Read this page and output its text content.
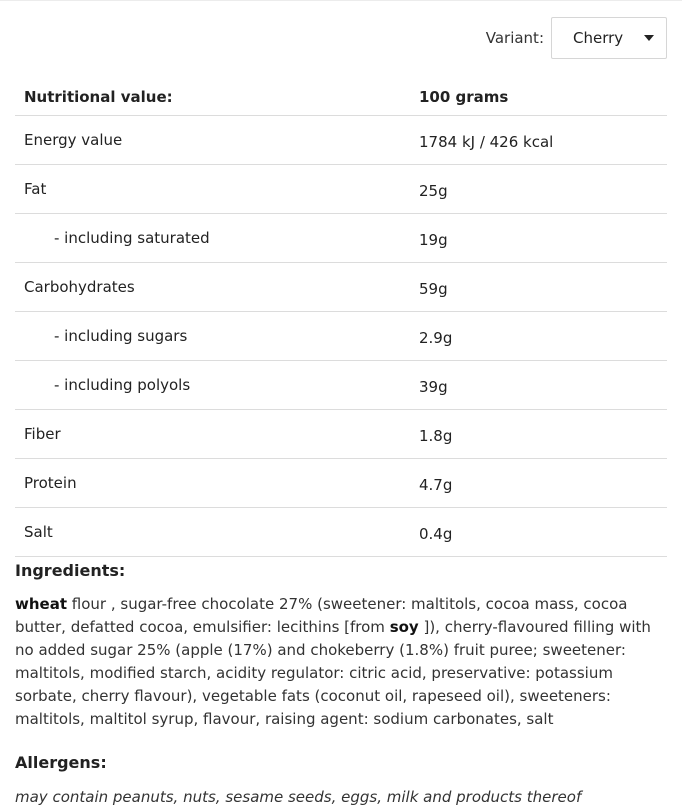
Variant: Cherry
Nutritional value:	100 grams
Energy value	1784 kJ / 426 kcal
Fat	25g
- including saturated	19g
Carbohydrates	59g
- including sugars	2.9g
- including polyols	39g
Fiber	1.8g
Protein	4.7g
Salt	0.4g
Ingredients:
wheat flour , sugar-free chocolate 27% (sweetener: maltitols, cocoa mass, cocoa butter, defatted cocoa, emulsifier: lecithins [from soy ]), cherry-flavoured filling with no added sugar 25% (apple (17%) and chokeberry (1.8%) fruit puree; sweetener: maltitols, modified starch, acidity regulator: citric acid, preservative: potassium sorbate, cherry flavour), vegetable fats (coconut oil, rapeseed oil), sweeteners: maltitols, maltitol syrup, flavour, raising agent: sodium carbonates, salt
Allergens:
may contain peanuts, nuts, sesame seeds, eggs, milk and products thereof
